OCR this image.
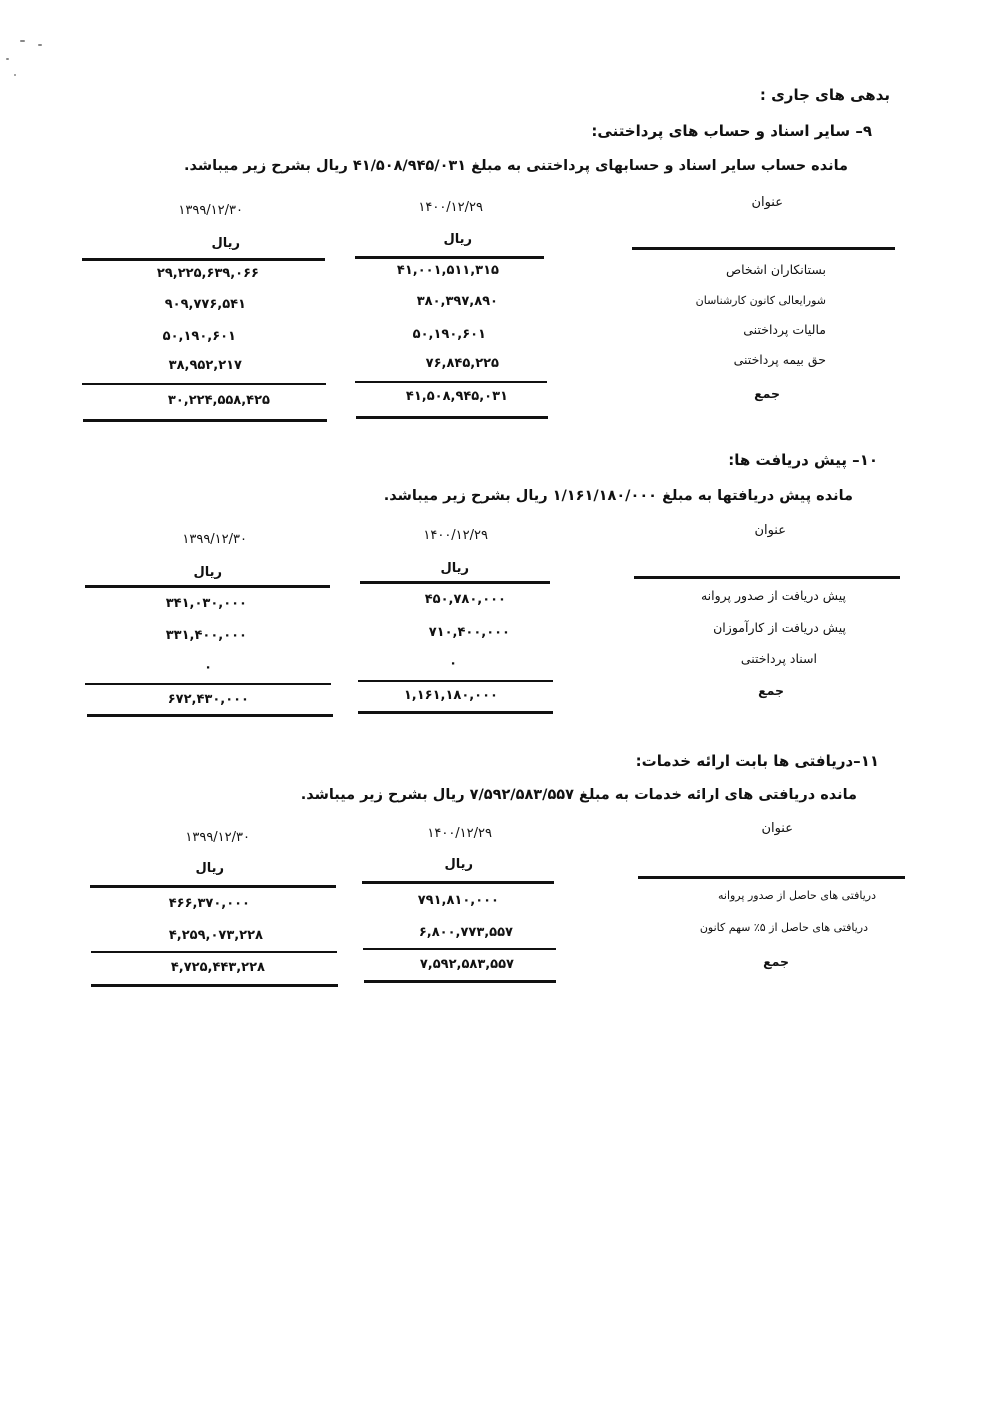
بدهی های جاری :
۹– سایر اسناد و حساب های پرداختنی:
مانده حساب سایر اسناد و حسابهای پرداختنی به مبلغ ۴۱/۵۰۸/۹۴۵/۰۳۱ ریال بشرح زیر میباشد.
عنوان
۱۴۰۰/۱۲/۲۹
۱۳۹۹/۱۲/۳۰
ریال
ریال
بستانکاران اشخاص
۴۱,۰۰۱,۵۱۱,۳۱۵
۲۹,۲۲۵,۶۳۹,۰۶۶
شورایعالی کانون کارشناسان
۳۸۰,۳۹۷,۸۹۰
۹۰۹,۷۷۶,۵۴۱
مالیات پرداختنی
۵۰,۱۹۰,۶۰۱
۵۰,۱۹۰,۶۰۱
حق بیمه پرداختنی
۷۶,۸۴۵,۲۲۵
۳۸,۹۵۲,۲۱۷
جمع
۴۱,۵۰۸,۹۴۵,۰۳۱
۳۰,۲۲۴,۵۵۸,۴۲۵
۱۰– پیش دریافت ها:
مانده پیش دریافتها به مبلغ ۱/۱۶۱/۱۸۰/۰۰۰ ریال بشرح زیر میباشد.
عنوان
۱۴۰۰/۱۲/۲۹
۱۳۹۹/۱۲/۳۰
ریال
ریال
پیش دریافت از صدور پروانه
۴۵۰,۷۸۰,۰۰۰
۳۴۱,۰۳۰,۰۰۰
پیش دریافت از کارآموزان
۷۱۰,۴۰۰,۰۰۰
۳۳۱,۴۰۰,۰۰۰
اسناد پرداختنی
۰
۰
جمع
۱,۱۶۱,۱۸۰,۰۰۰
۶۷۲,۴۳۰,۰۰۰
۱۱–دریافتی ها بابت ارائه خدمات:
مانده دریافتی های ارائه خدمات به مبلغ ۷/۵۹۲/۵۸۳/۵۵۷ ریال بشرح زیر میباشد.
عنوان
۱۴۰۰/۱۲/۲۹
۱۳۹۹/۱۲/۳۰
ریال
ریال
دریافتی های حاصل از صدور پروانه
۷۹۱,۸۱۰,۰۰۰
۴۶۶,۳۷۰,۰۰۰
دریافتی های حاصل از ۵٪ سهم کانون
۶,۸۰۰,۷۷۳,۵۵۷
۴,۲۵۹,۰۷۳,۲۲۸
جمع
۷,۵۹۲,۵۸۳,۵۵۷
۴,۷۲۵,۴۴۳,۲۲۸
